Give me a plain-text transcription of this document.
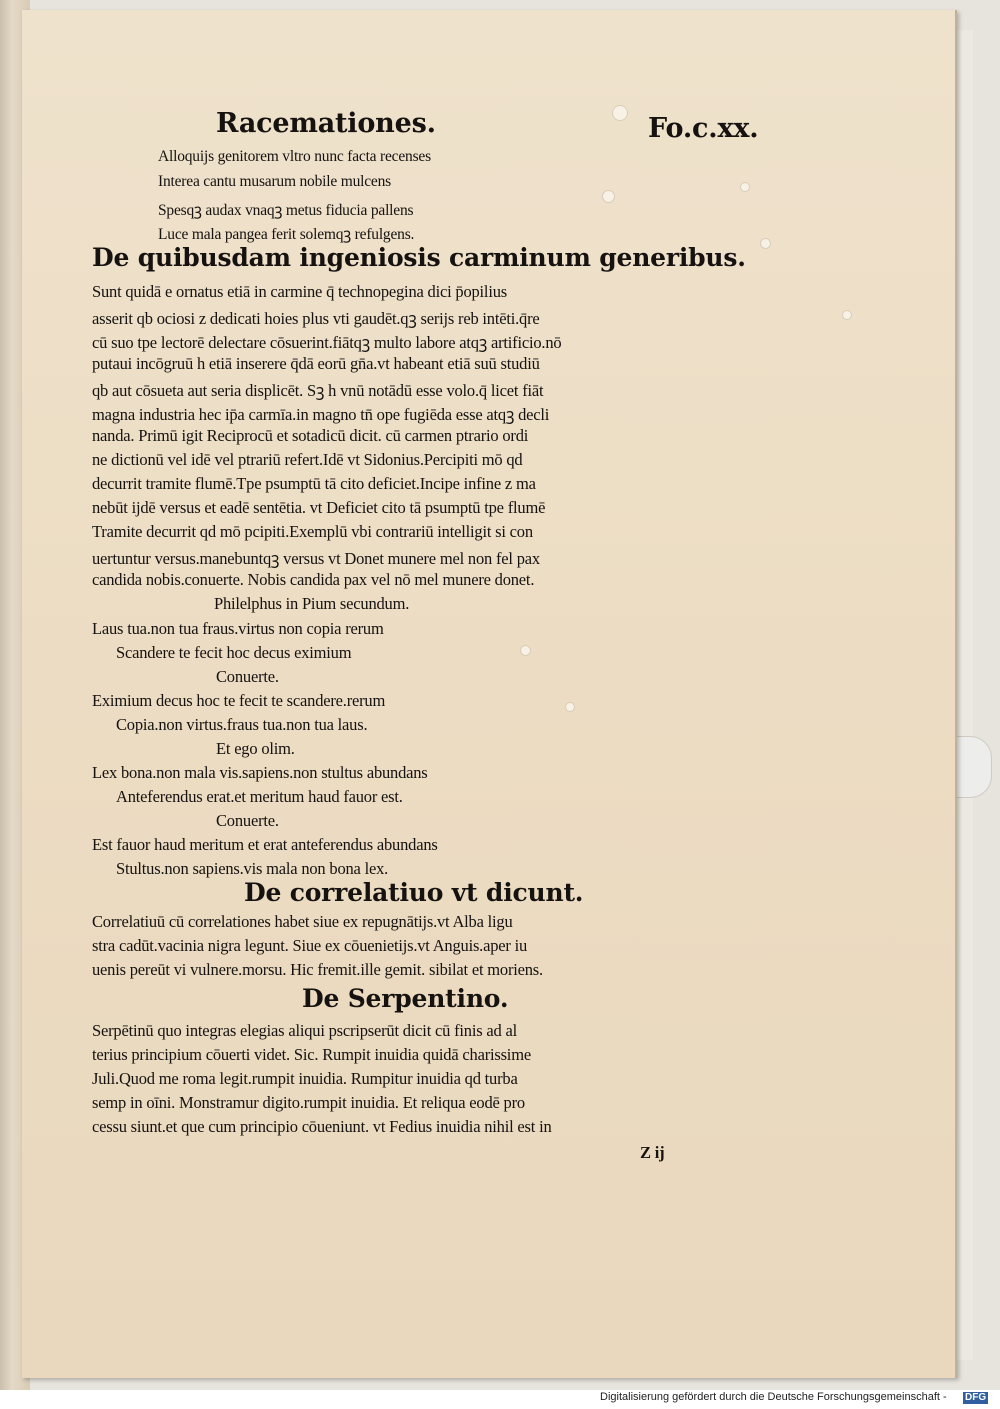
Racemationes.	Fo.c.xx.
Alloquijs genitorem vltro nunc facta recenses
Interea cantu musarum nobile mulcens
Spesqꝫ audax vnaqꝫ metus fiducia pallens
Luce mala pangea ferit solemqꝫ refulgens.
De quibusdam ingeniosis carminum generibus.
Sunt quidā e ornatus etiā in carmine q̄ technopegina dici p̄opilius
asserit qb ociosi z dedicati hoies plus vti gaudēt.qꝫ serijs reb intēti.q̄re
cū suo tpe lectorē delectare cōsuerint.fiātqꝫ multo labore atqꝫ artificio.nō
putaui incōgruū h etiā inserere q̄dā eorū gn̄a.vt habeant etiā suū studiū
qb aut cōsueta aut seria displicēt. Sꝫ h vnū notādū esse volo.q̄ licet fiāt
magna industria hec ip̄a carmīa.in magno tn̄ ope fugiēda esse atqꝫ decli
nanda. Primū igit Reciprocū et sotadicū dicit. cū carmen ptrario ordi
ne dictionū vel idē vel ptrariū refert.Idē vt Sidonius.Percipiti mō qd
decurrit tramite flumē.Tpe psumptū tā cito deficiet.Incipe infine z ma
nebūt ijdē versus et eadē sentētia. vt Deficiet cito tā psumptū tpe flumē
Tramite decurrit qd mō pcipiti.Exemplū vbi contrariū intelligit si con
uertuntur versus.manebuntqꝫ versus vt Donet munere mel non fel pax
candida nobis.conuerte. Nobis candida pax vel nō mel munere donet.
Philelphus in Pium secundum.
Laus tua.non tua fraus.virtus non copia rerum
Scandere te fecit hoc decus eximium
Conuerte.
Eximium decus hoc te fecit te scandere.rerum
Copia.non virtus.fraus tua.non tua laus.
Et ego olim.
Lex bona.non mala vis.sapiens.non stultus abundans
Anteferendus erat.et meritum haud fauor est.
Conuerte.
Est fauor haud meritum et erat anteferendus abundans
Stultus.non sapiens.vis mala non bona lex.
De correlatiuo vt dicunt.
Correlatiuū cū correlationes habet siue ex repugnātijs.vt Alba ligu
stra cadūt.vacinia nigra legunt. Siue ex cōuenietijs.vt Anguis.aper iu
uenis pereūt vi vulnere.morsu. Hic fremit.ille gemit. sibilat et moriens.
De Serpentino.
Serpētinū quo integras elegias aliqui pscripserūt dicit cū finis ad al
terius principium cōuerti videt. Sic. Rumpit inuidia quidā charissime
Juli.Quod me roma legit.rumpit inuidia. Rumpitur inuidia qd turba
semp in oīni. Monstramur digito.rumpit inuidia. Et reliqua eodē pro
cessu siunt.et que cum principio cōueniunt. vt Fedius inuidia nihil est in
Z ij
Digitalisierung gefördert durch die Deutsche Forschungsgemeinschaft - DFG
